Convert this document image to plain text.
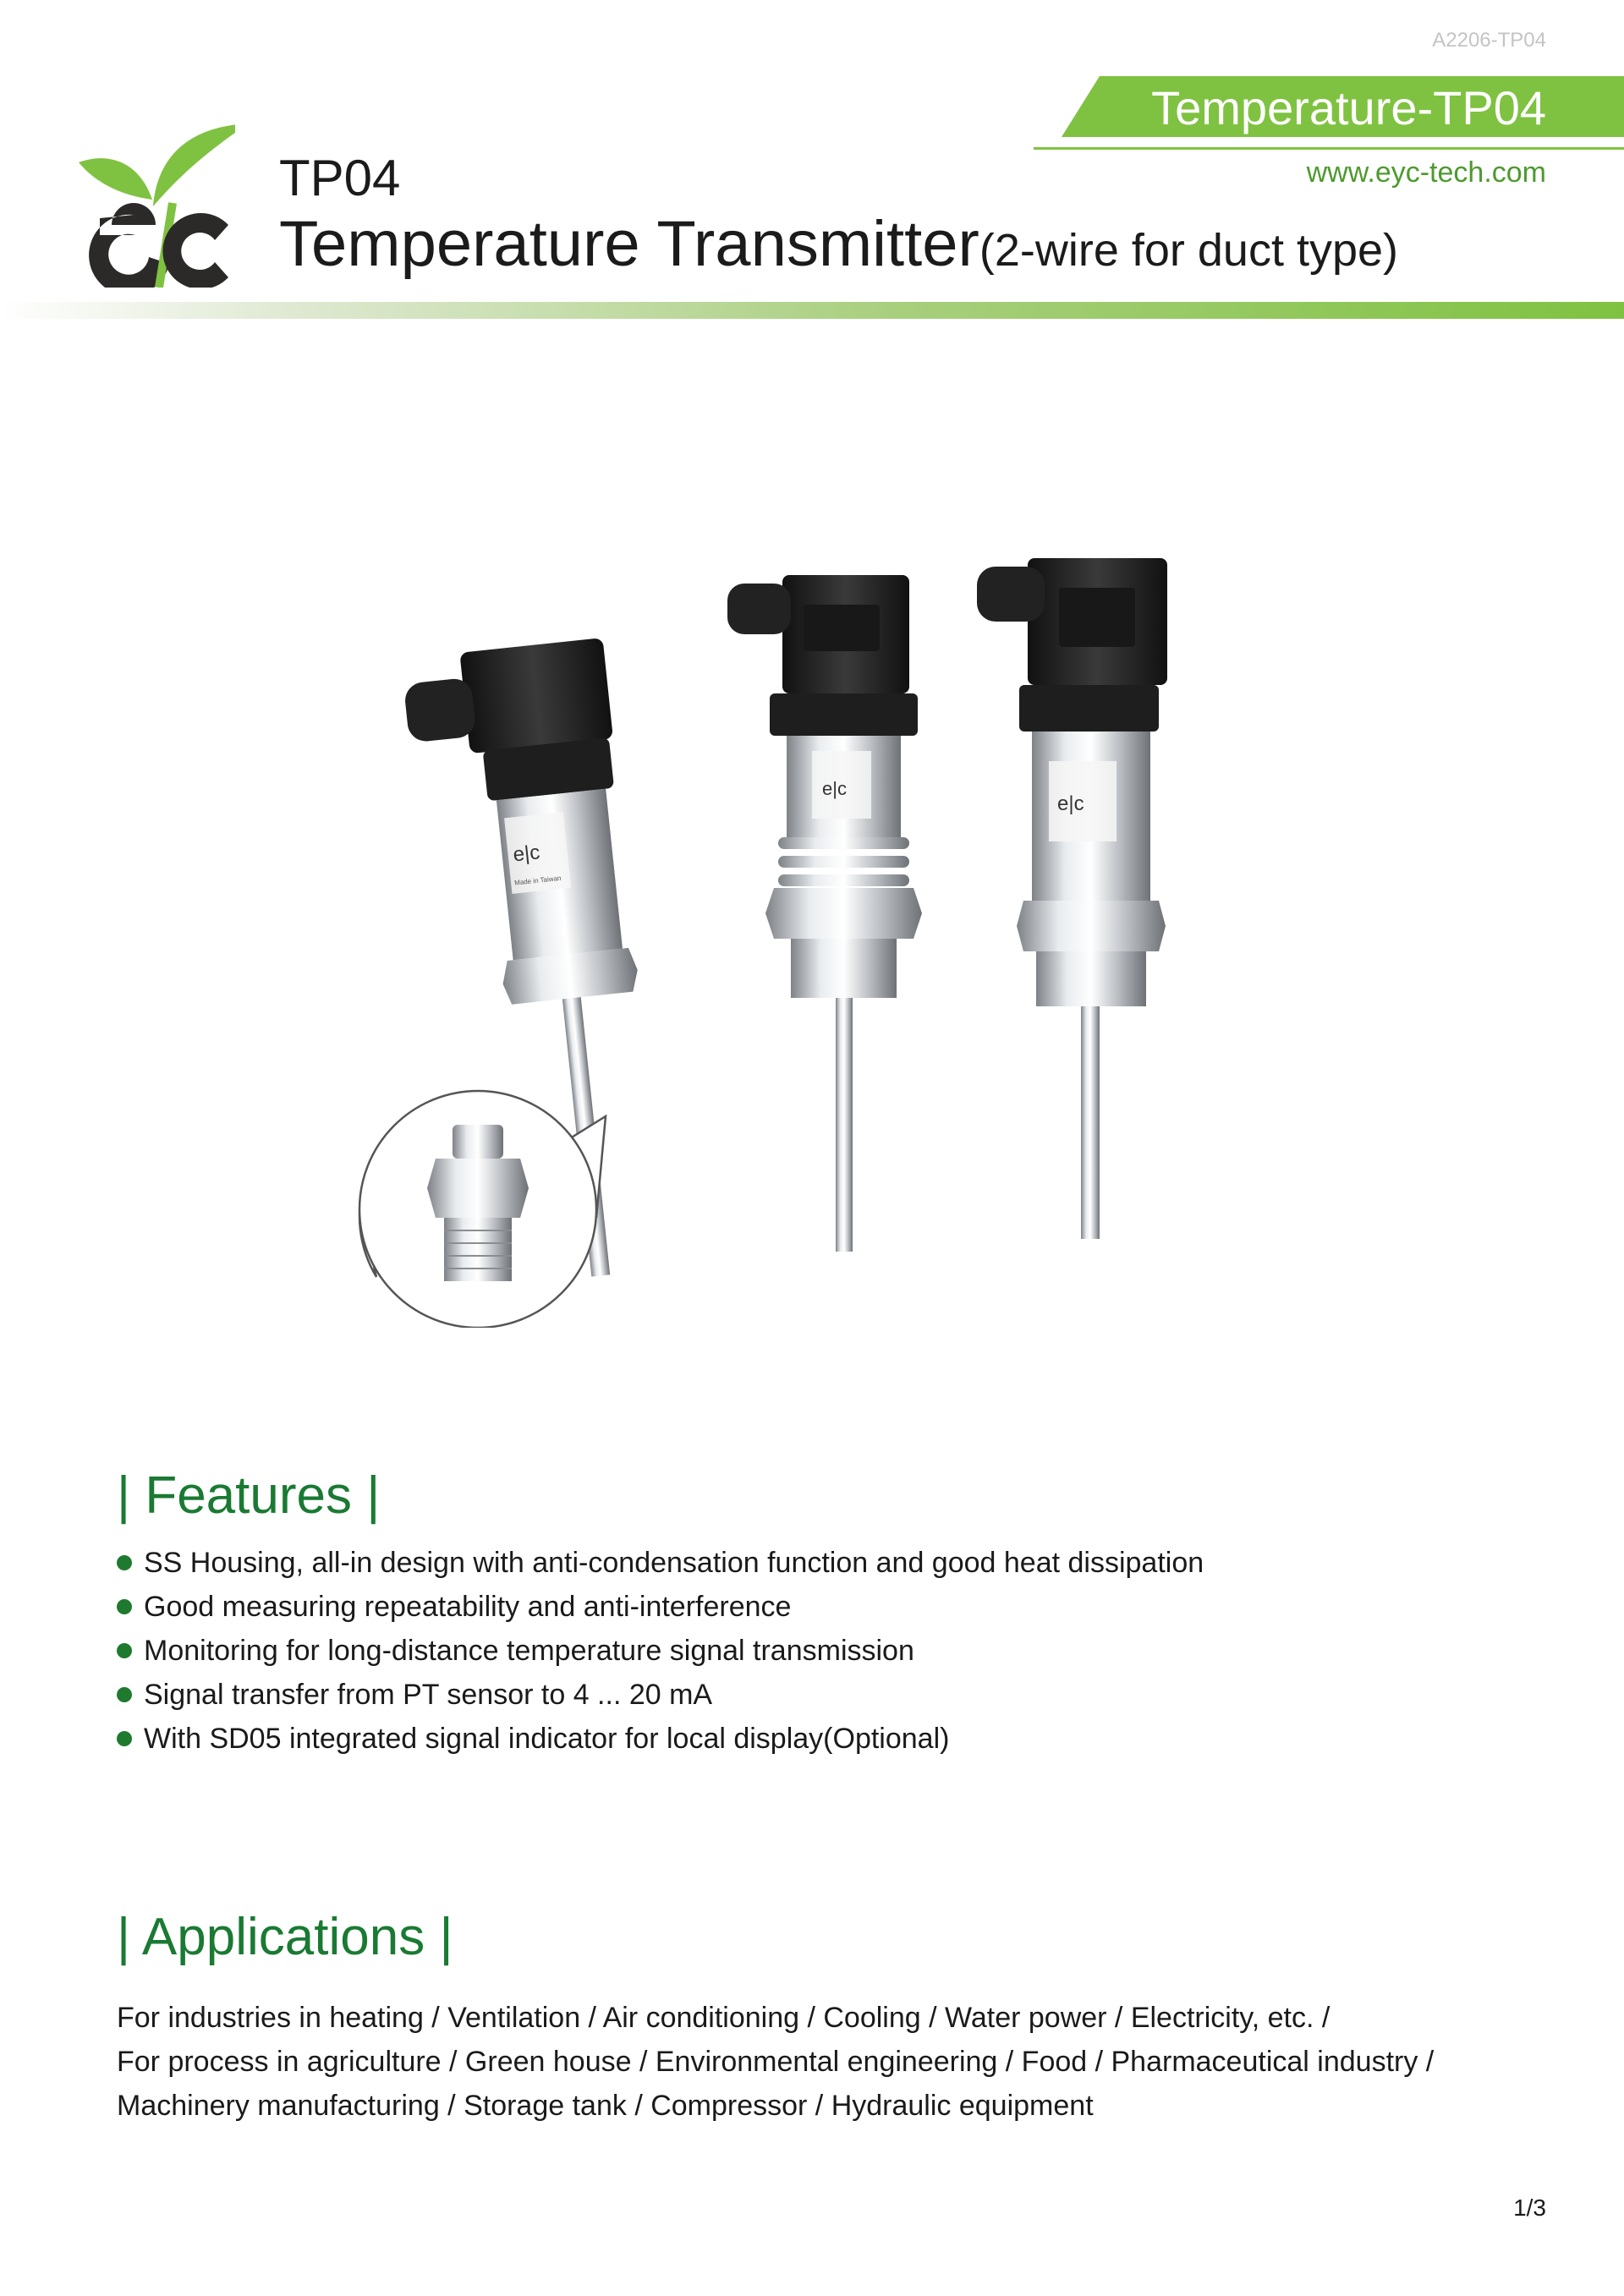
A2206-TP04
Temperature-TP04
www.eyc-tech.com
TP04
Temperature Transmitter(2-wire for duct type)
e|c
Made in Taiwan
e|c
e|c
| Features |
SS Housing, all-in design with anti-condensation function and good heat dissipation
Good measuring repeatability and anti-interference
Monitoring for long-distance temperature signal transmission
Signal transfer from PT sensor to 4 ... 20 mA
With SD05 integrated signal indicator for local display(Optional)
| Applications |
For industries in heating / Ventilation / Air conditioning / Cooling / Water power / Electricity, etc. /
For process in agriculture / Green house / Environmental engineering / Food / Pharmaceutical industry /
Machinery manufacturing / Storage tank / Compressor / Hydraulic equipment
1/3
